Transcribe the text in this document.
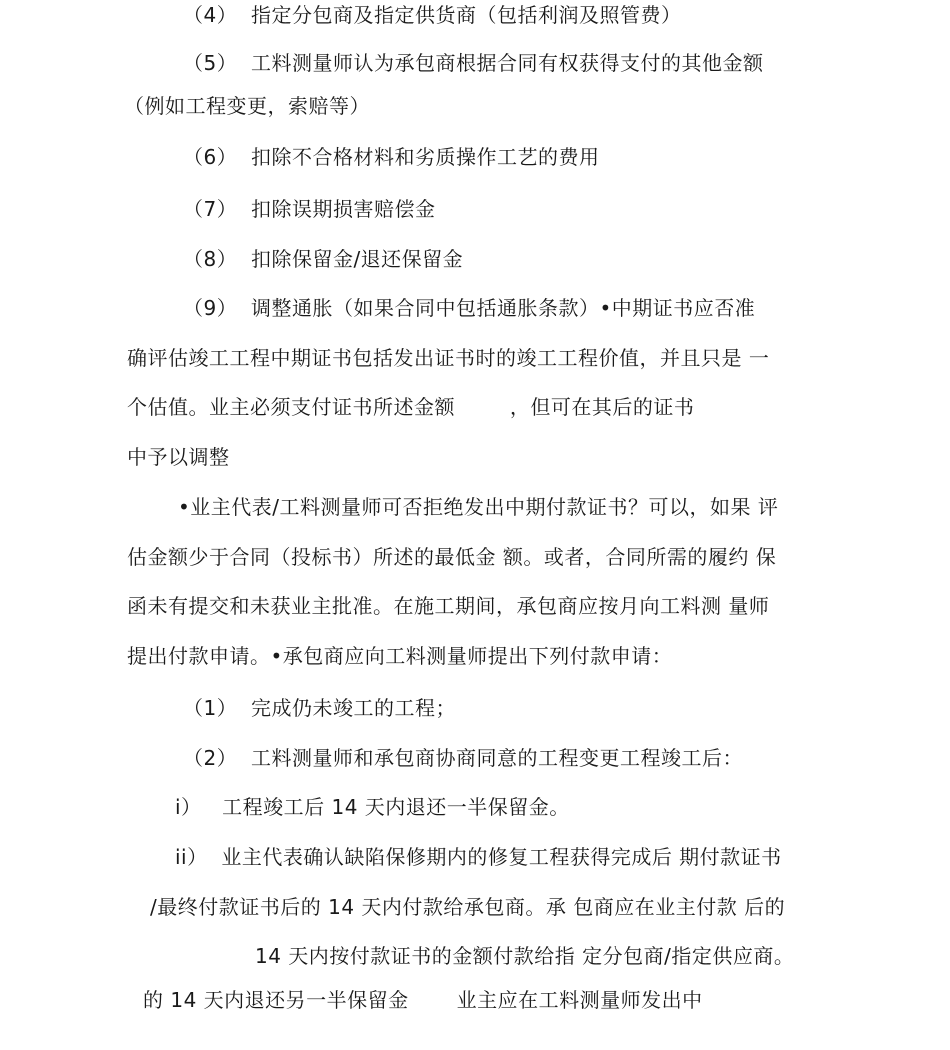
（4）  指定分包商及指定供货商（包括利润及照管费）
（5）  工料测量师认为承包商根据合同有权获得支付的其他金额
（例如工程变更，索赔等）
（6）  扣除不合格材料和劣质操作工艺的费用
（7）  扣除误期损害赔偿金
（8）  扣除保留金/退还保留金
（9）  调整通胀（如果合同中包括通胀条款）•中期证书应否准
确评估竣工工程中期证书包括发出证书时的竣工工程价值，并且只是 一
个估值。业主必须支付证书所述金额        ，但可在其后的证书
中予以调整
•业主代表/工料测量师可否拒绝发出中期付款证书？可以，如果 评
估金额少于合同（投标书）所述的最低金 额。或者，合同所需的履约 保
函未有提交和未获业主批准。在施工期间，承包商应按月向工料测 量师
提出付款申请。•承包商应向工料测量师提出下列付款申请：
（1）  完成仍未竣工的工程；
（2）  工料测量师和承包商协商同意的工程变更工程竣工后：
i）   工程竣工后 14 天内退还一半保留金。
ii）  业主代表确认缺陷保修期内的修复工程获得完成后 期付款证书
/最终付款证书后的 14 天内付款给承包商。承 包商应在业主付款 后的
14 天内按付款证书的金额付款给指 定分包商/指定供应商。
的 14 天内退还另一半保留金       业主应在工料测量师发出中
